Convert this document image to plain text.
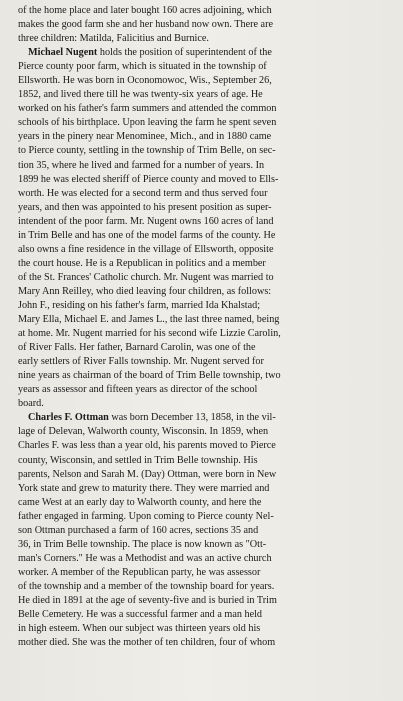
of the home place and later bought 160 acres adjoining, which
makes the good farm she and her husband now own. There are
three children: Matilda, Falicitius and Burnice.

Michael Nugent holds the position of superintendent of the
Pierce county poor farm, which is situated in the township of
Ellsworth. He was born in Oconomowoc, Wis., September 26,
1852, and lived there till he was twenty-six years of age. He
worked on his father's farm summers and attended the common
schools of his birthplace. Upon leaving the farm he spent seven
years in the pinery near Menominee, Mich., and in 1880 came
to Pierce county, settling in the township of Trim Belle, on sec-
tion 35, where he lived and farmed for a number of years. In
1899 he was elected sheriff of Pierce county and moved to Ells-
worth. He was elected for a second term and thus served four
years, and then was appointed to his present position as super-
intendent of the poor farm. Mr. Nugent owns 160 acres of land
in Trim Belle and has one of the model farms of the county. He
also owns a fine residence in the village of Ellsworth, opposite
the court house. He is a Republican in politics and a member
of the St. Frances' Catholic church. Mr. Nugent was married to
Mary Ann Reilley, who died leaving four children, as follows:
John F., residing on his father's farm, married Ida Khalstad;
Mary Ella, Michael E. and James L., the last three named, being
at home. Mr. Nugent married for his second wife Lizzie Carolin,
of River Falls. Her father, Barnard Carolin, was one of the
early settlers of River Falls township. Mr. Nugent served for
nine years as chairman of the board of Trim Belle township, two
years as assessor and fifteen years as director of the school
board.

Charles F. Ottman was born December 13, 1858, in the vil-
lage of Delevan, Walworth county, Wisconsin. In 1859, when
Charles F. was less than a year old, his parents moved to Pierce
county, Wisconsin, and settled in Trim Belle township. His
parents, Nelson and Sarah M. (Day) Ottman, were born in New
York state and grew to maturity there. They were married and
came West at an early day to Walworth county, and here the
father engaged in farming. Upon coming to Pierce county Nel-
son Ottman purchased a farm of 160 acres, sections 35 and
36, in Trim Belle township. The place is now known as "Ott-
man's Corners." He was a Methodist and was an active church
worker. A member of the Republican party, he was assessor
of the township and a member of the township board for years.
He died in 1891 at the age of seventy-five and is buried in Trim
Belle Cemetery. He was a successful farmer and a man held
in high esteem. When our subject was thirteen years old his
mother died. She was the mother of ten children, four of whom
